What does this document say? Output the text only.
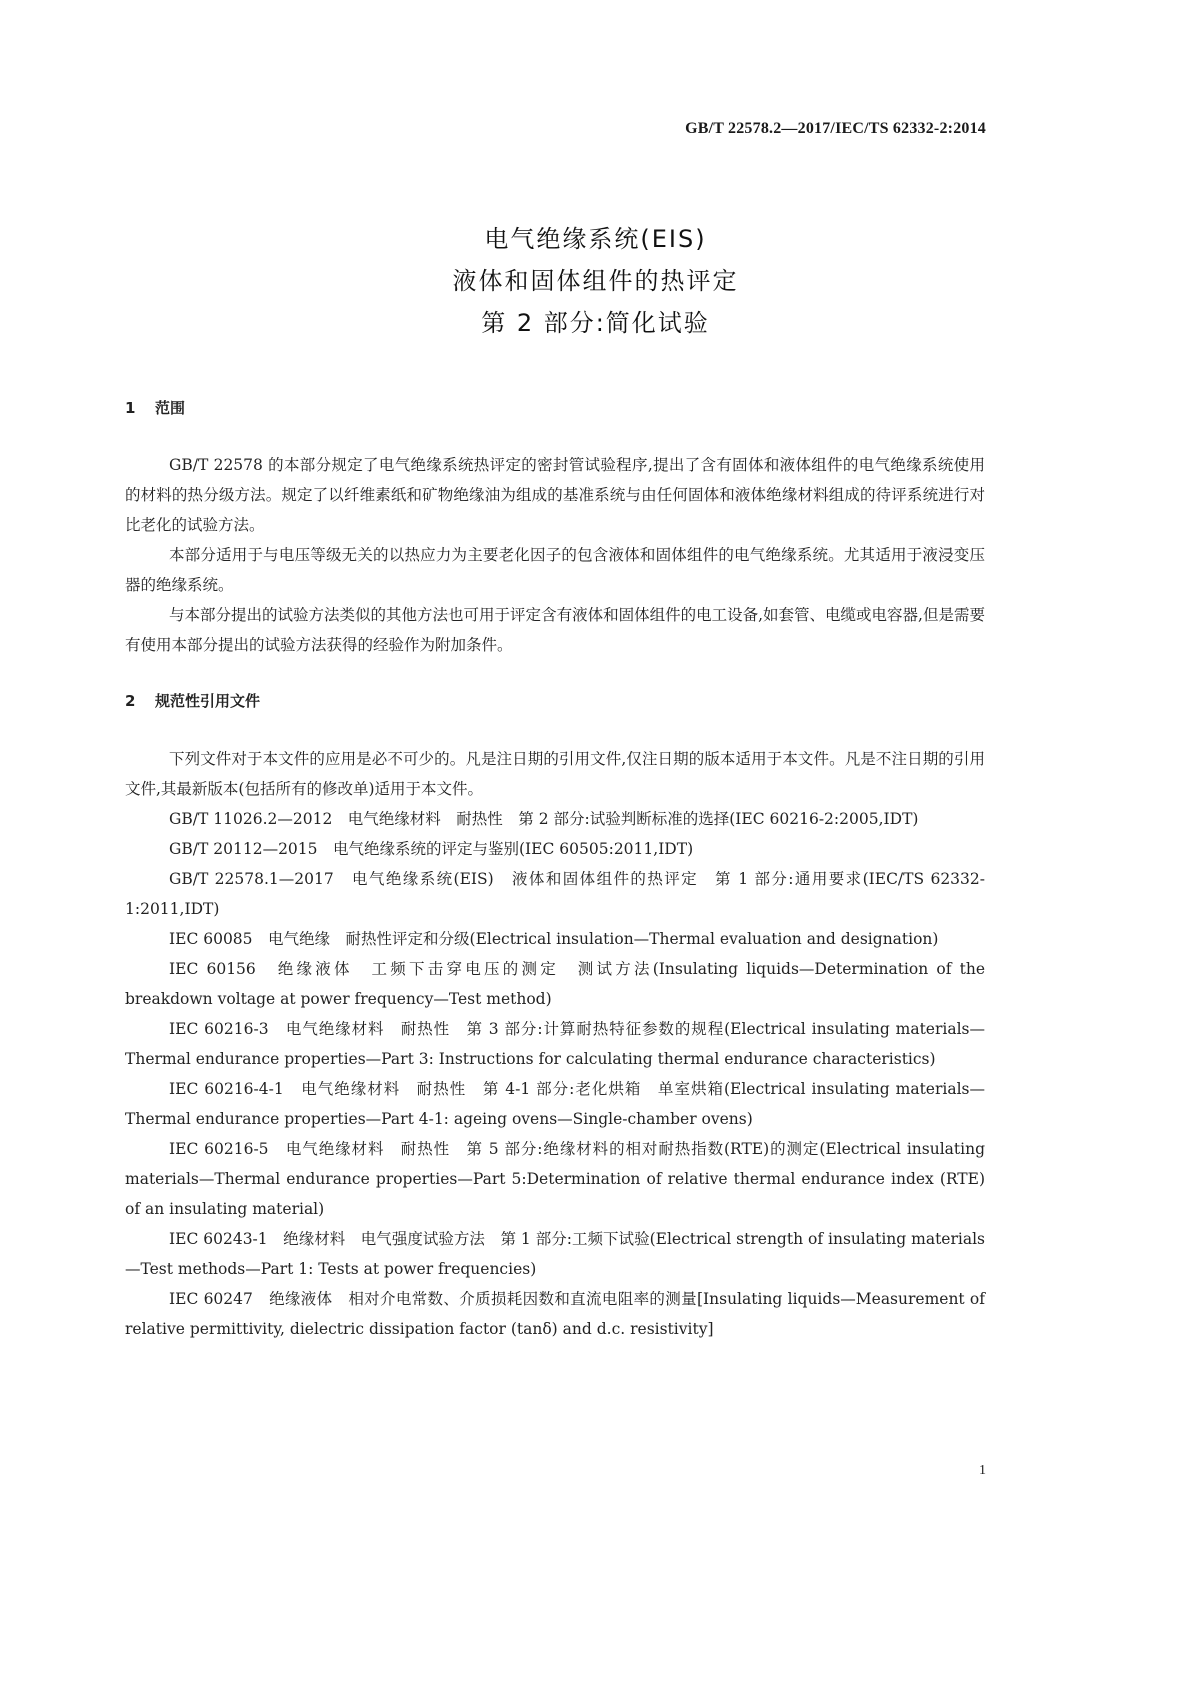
GB/T 22578.2—2017/IEC/TS 62332-2:2014
电气绝缘系统(EIS)
液体和固体组件的热评定
第 2 部分:简化试验
1 范围

GB/T 22578 的本部分规定了电气绝缘系统热评定的密封管试验程序,提出了含有固体和液体组件的电气绝缘系统使用的材料的热分级方法。规定了以纤维素纸和矿物绝缘油为组成的基准系统与由任何固体和液体绝缘材料组成的待评系统进行对比老化的试验方法。

本部分适用于与电压等级无关的以热应力为主要老化因子的包含液体和固体组件的电气绝缘系统。尤其适用于液浸变压器的绝缘系统。

与本部分提出的试验方法类似的其他方法也可用于评定含有液体和固体组件的电工设备,如套管、电缆或电容器,但是需要有使用本部分提出的试验方法获得的经验作为附加条件。

2 规范性引用文件

下列文件对于本文件的应用是必不可少的。凡是注日期的引用文件,仅注日期的版本适用于本文件。凡是不注日期的引用文件,其最新版本(包括所有的修改单)适用于本文件。

GB/T 11026.2—2012　电气绝缘材料　耐热性　第 2 部分:试验判断标准的选择(IEC 60216-2:2005,IDT)

GB/T 20112—2015　电气绝缘系统的评定与鉴别(IEC 60505:2011,IDT)

GB/T 22578.1—2017　电气绝缘系统(EIS)　液体和固体组件的热评定　第 1 部分:通用要求(IEC/TS 62332-1:2011,IDT)

IEC 60085　电气绝缘　耐热性评定和分级(Electrical insulation—Thermal evaluation and designation)

IEC 60156　绝缘液体　工频下击穿电压的测定　测试方法(Insulating liquids—Determination of the breakdown voltage at power frequency—Test method)

IEC 60216-3　电气绝缘材料　耐热性　第 3 部分:计算耐热特征参数的规程(Electrical insulating materials—Thermal endurance properties—Part 3: Instructions for calculating thermal endurance characteristics)

IEC 60216-4-1　电气绝缘材料　耐热性　第 4-1 部分:老化烘箱　单室烘箱(Electrical insulating materials—Thermal endurance properties—Part 4-1: ageing ovens—Single-chamber ovens)

IEC 60216-5　电气绝缘材料　耐热性　第 5 部分:绝缘材料的相对耐热指数(RTE)的测定(Electrical insulating materials—Thermal endurance properties—Part 5:Determination of relative thermal endurance index (RTE) of an insulating material)

IEC 60243-1　绝缘材料　电气强度试验方法　第 1 部分:工频下试验(Electrical strength of insulating materials—Test methods—Part 1: Tests at power frequencies)

IEC 60247　绝缘液体　相对介电常数、介质损耗因数和直流电阻率的测量[Insulating liquids—Measurement of relative permittivity, dielectric dissipation factor (tanδ) and d.c. resistivity]

1
